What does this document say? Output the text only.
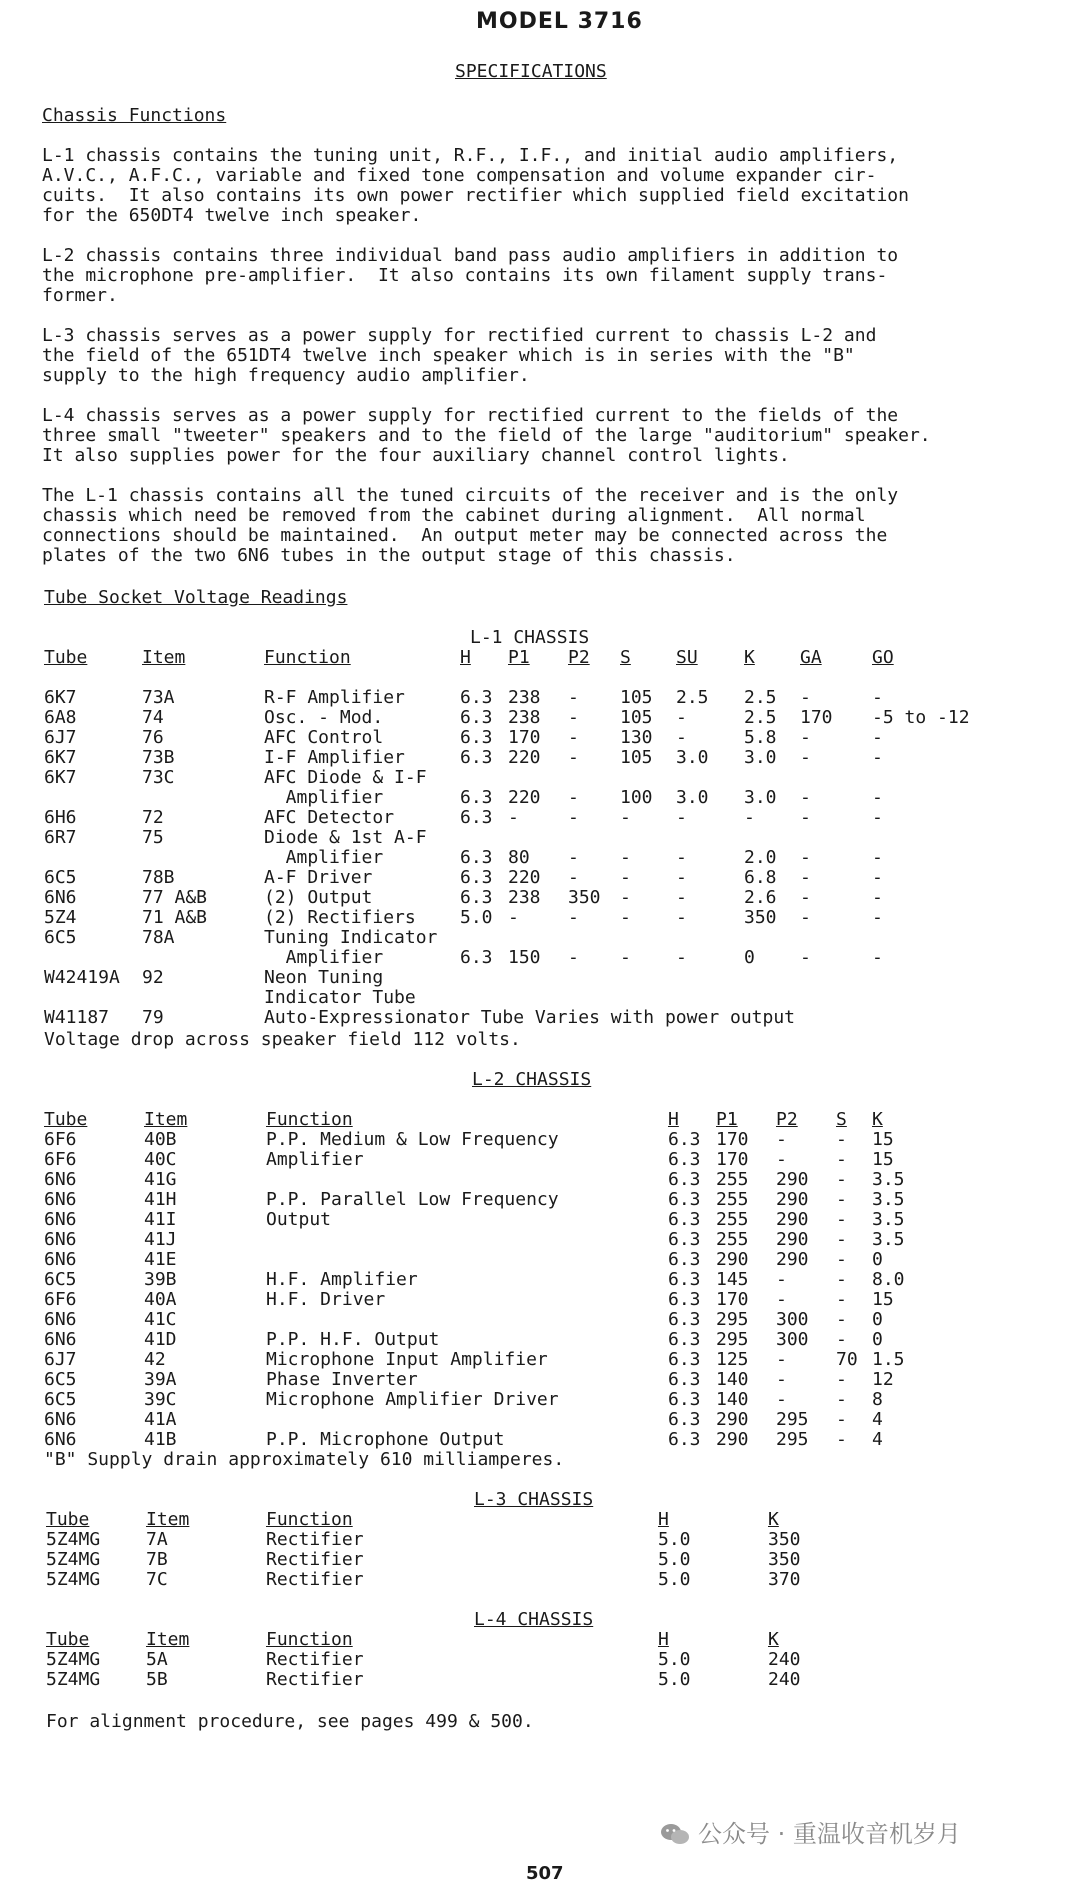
MODEL 3716
SPECIFICATIONS
Chassis Functions
L-1 chassis contains the tuning unit, R.F., I.F., and initial audio amplifiers,
A.V.C., A.F.C., variable and fixed tone compensation and volume expander cir-
cuits.  It also contains its own power rectifier which supplied field excitation
for the 650DT4 twelve inch speaker.
L-2 chassis contains three individual band pass audio amplifiers in addition to
the microphone pre-amplifier.  It also contains its own filament supply trans-
former.
L-3 chassis serves as a power supply for rectified current to chassis L-2 and
the field of the 651DT4 twelve inch speaker which is in series with the "B"
supply to the high frequency audio amplifier.
L-4 chassis serves as a power supply for rectified current to the fields of the
three small "tweeter" speakers and to the field of the large "auditorium" speaker.
It also supplies power for the four auxiliary channel control lights.
The L-1 chassis contains all the tuned circuits of the receiver and is the only
chassis which need be removed from the cabinet during alignment.  All normal
connections should be maintained.  An output meter may be connected across the
plates of the two 6N6 tubes in the output stage of this chassis.
Tube Socket Voltage Readings
L-1 CHASSIS
Tube	Item	Function	H P1 P2 S	SU	K	GA	GO
6K7	73A	R-F Amplifier	6.3 238 - 105 2.5 2.5 -	-
6A8	74	Osc. - Mod.	6.3 238 - 105 -	2.5 170 -5 to -12
6J7	76	AFC Control	6.3 170 - 130 -	5.8 -	-
6K7	73B	I-F Amplifier	6.3 220 - 105 3.0 3.0 -	-
6K7	73C	AFC Diode & I-F
Amplifier	6.3 220 - 100 3.0 3.0 -	-
6H6	72	AFC Detector	6.3 -	- -	-	-	-	-
6R7	75	Diode & 1st A-F
Amplifier	6.3 80 - -	-	2.0 -	-
6C5	78B	A-F Driver	6.3 220 - -	-	6.8 -	-
6N6	77 A&B	(2) Output	6.3 238 350 -	-	2.6 -	-
5Z4	71 A&B	(2) Rectifiers 5.0 -	- -	-	350 -	-
6C5	78A	Tuning Indicator
Amplifier	6.3 150 - -	-	0	-	-
W42419A 92	Neon Tuning
Indicator Tube
W41187 79	Auto-Expressionator Tube Varies with power output
Voltage drop across speaker field 112 volts.
L-2 CHASSIS
Tube	Item	Function	H P1 P2 S K
6F6	40B	P.P. Medium & Low Frequency	6.3 170 -	- 15
6F6	40C	Amplifier	6.3 170 -	- 15
6N6	41G	6.3 255 290 - 3.5
6N6	41H	P.P. Parallel Low Frequency	6.3 255 290 - 3.5
6N6	41I	Output	6.3 255 290 - 3.5
6N6	41J	6.3 255 290 - 3.5
6N6	41E	6.3 290 290 - 0
6C5	39B	H.F. Amplifier	6.3 145 -	- 8.0
6F6	40A	H.F. Driver	6.3 170 -	- 15
6N6	41C	6.3 295 300 - 0
6N6	41D	P.P. H.F. Output	6.3 295 300 - 0
6J7	42	Microphone Input Amplifier	6.3 125 -	70 1.5
6C5	39A	Phase Inverter	6.3 140 -	- 12
6C5	39C	Microphone Amplifier Driver	6.3 140 -	- 8
6N6	41A	6.3 290 295 - 4
6N6	41B	P.P. Microphone Output	6.3 290 295 - 4
"B" Supply drain approximately 610 milliamperes.
L-3 CHASSIS
Tube	Item	Function	H	K
5Z4MG	7A	Rectifier	5.0	350
5Z4MG	7B	Rectifier	5.0	350
5Z4MG	7C	Rectifier	5.0	370
L-4 CHASSIS
Tube	Item	Function	H	K
5Z4MG	5A	Rectifier	5.0	240
5Z4MG	5B	Rectifier	5.0	240
For alignment procedure, see pages 499 & 500.
507
公众号 · 重温收音机岁月
